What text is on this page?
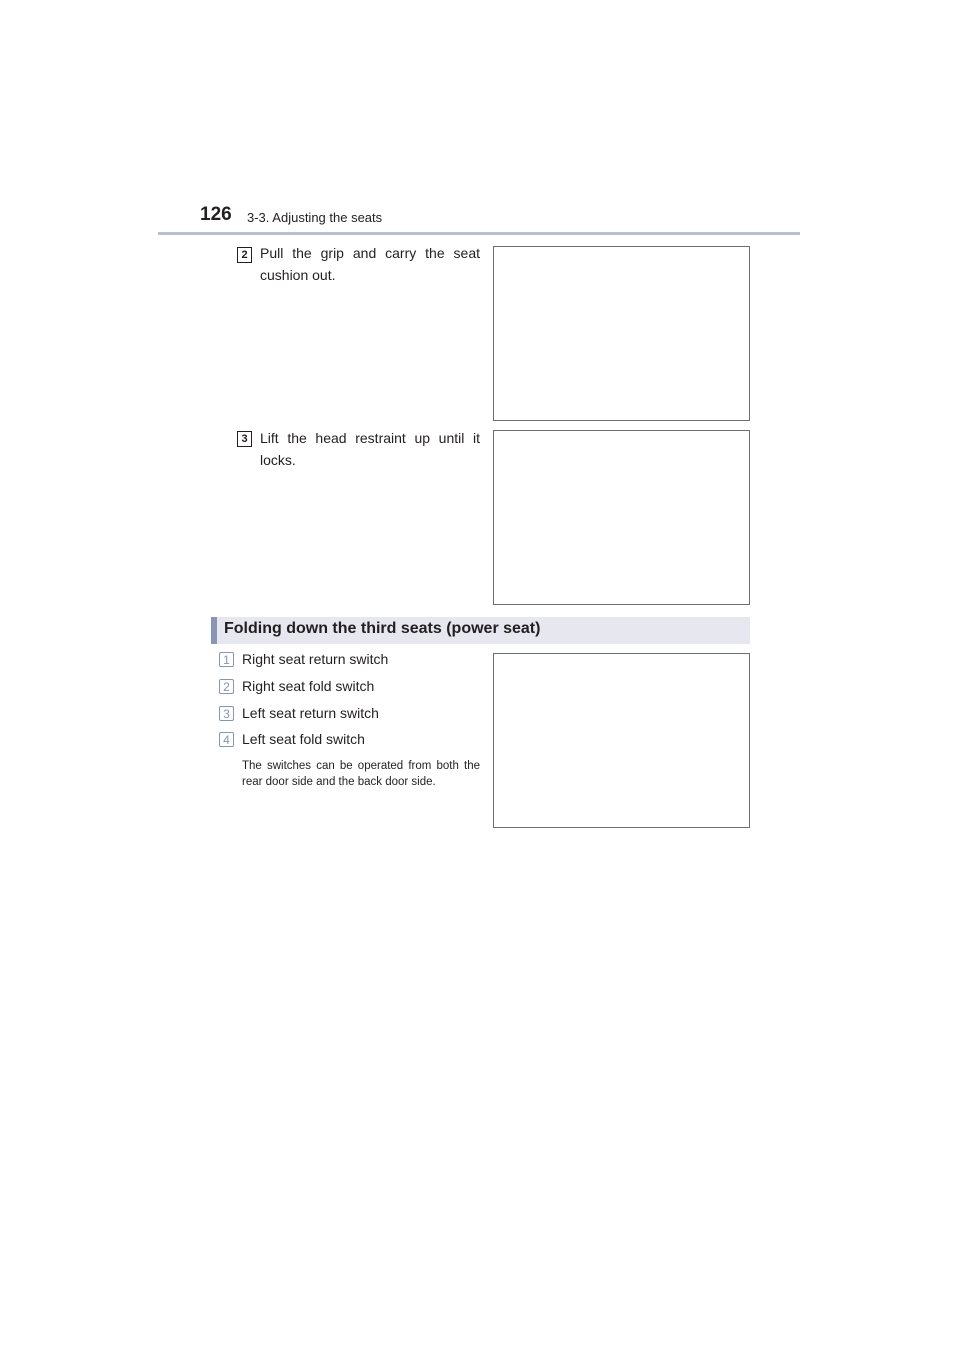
126 3-3. Adjusting the seats
2 Pull the grip and carry the seat cushion out.
3 Lift the head restraint up until it locks.
Folding down the third seats (power seat)
1 Right seat return switch
2 Right seat fold switch
3 Left seat return switch
4 Left seat fold switch
The switches can be operated from both the rear door side and the back door side.
